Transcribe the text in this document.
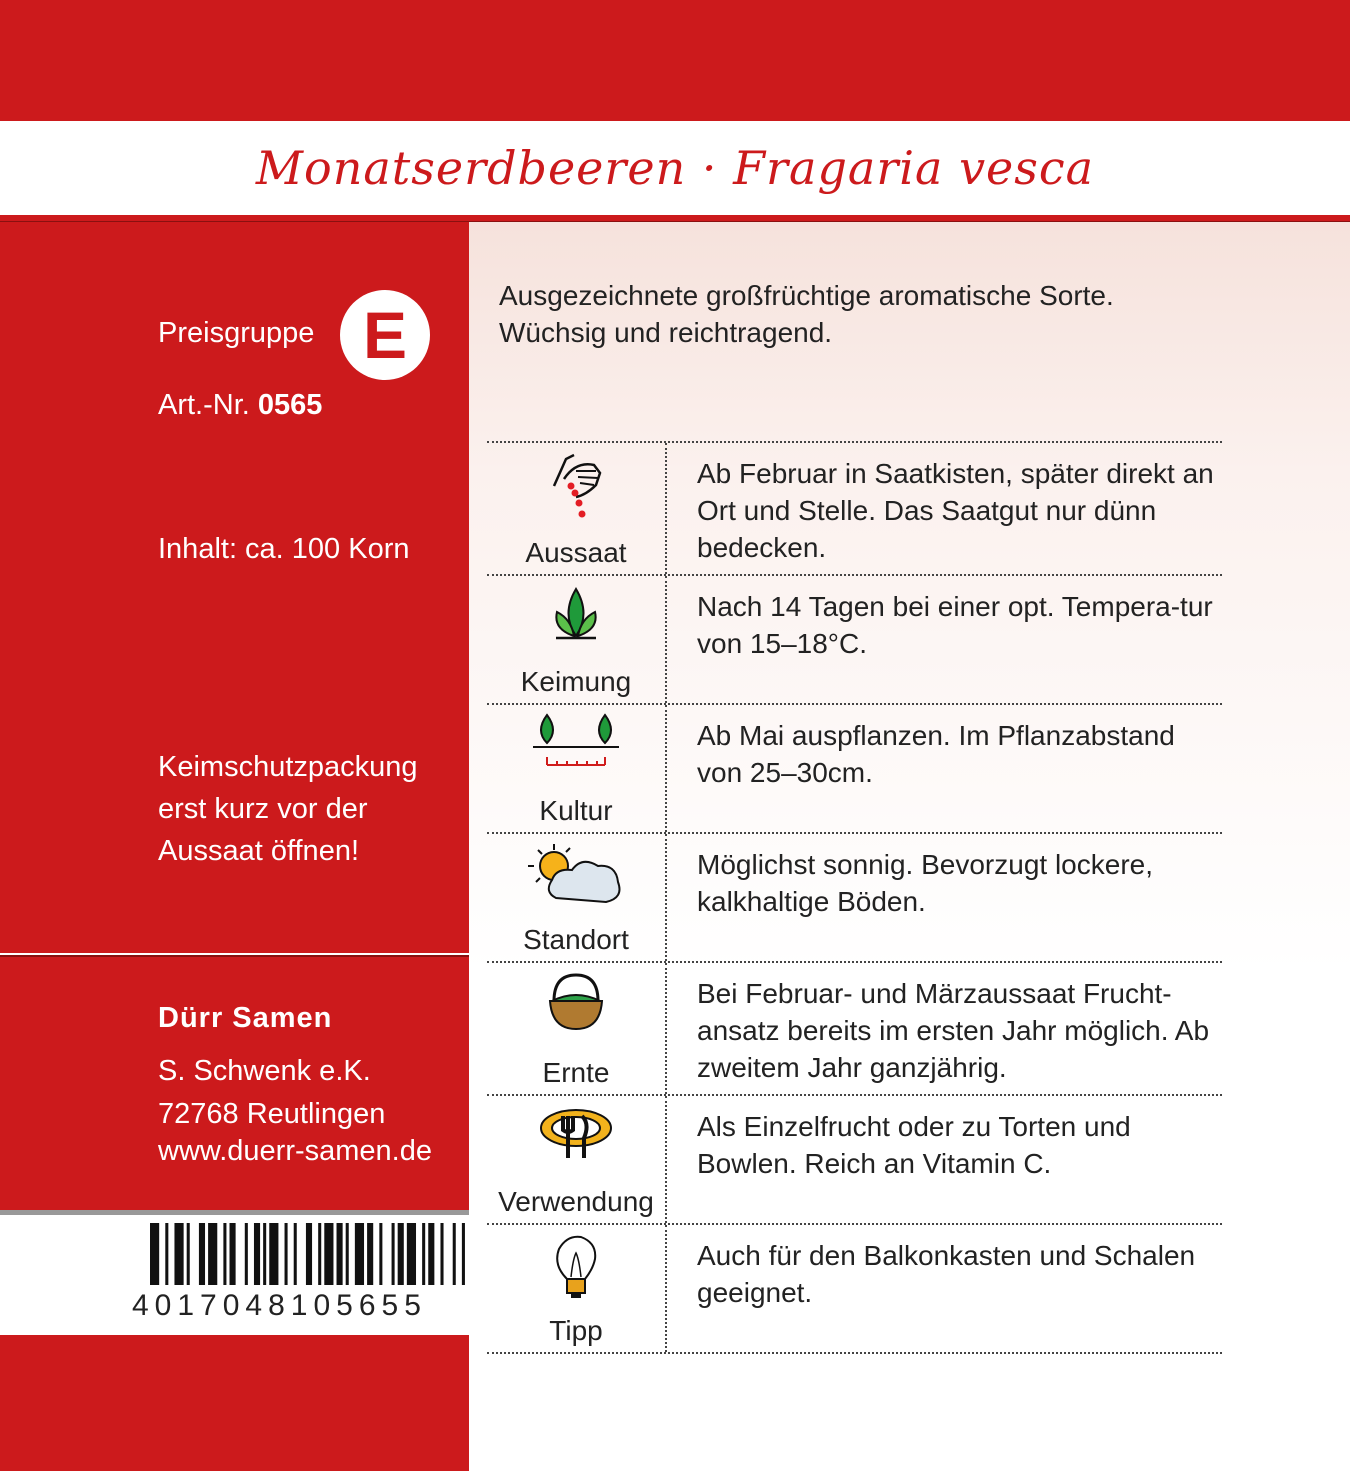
Monatserdbeeren · Fragaria vesca
Preisgruppe E
Art.-Nr. 0565
Inhalt: ca. 100 Korn
Keimschutzpackung
erst kurz vor der
Aussaat öffnen!
Dürr Samen
S. Schwenk e.K.
72768 Reutlingen
www.duerr-samen.de
4017048105655
Ausgezeichnete großfrüchtige aromatische Sorte.
Wüchsig und reichtragend.
Aussaat
Ab Februar in Saatkisten, später direkt an Ort und Stelle. Das Saatgut nur dünn bedecken.
Keimung
Nach 14 Tagen bei einer opt. Tempera-tur von 15–18°C.
Kultur
Ab Mai auspflanzen. Im Pflanzabstand von 25–30cm.
Standort
Möglichst sonnig. Bevorzugt lockere, kalkhaltige Böden.
Ernte
Bei Februar- und Märzaussaat Frucht-ansatz bereits im ersten Jahr möglich. Ab zweitem Jahr ganzjährig.
Verwendung
Als Einzelfrucht oder zu Torten und Bowlen. Reich an Vitamin C.
Tipp
Auch für den Balkonkasten und Schalen geeignet.
